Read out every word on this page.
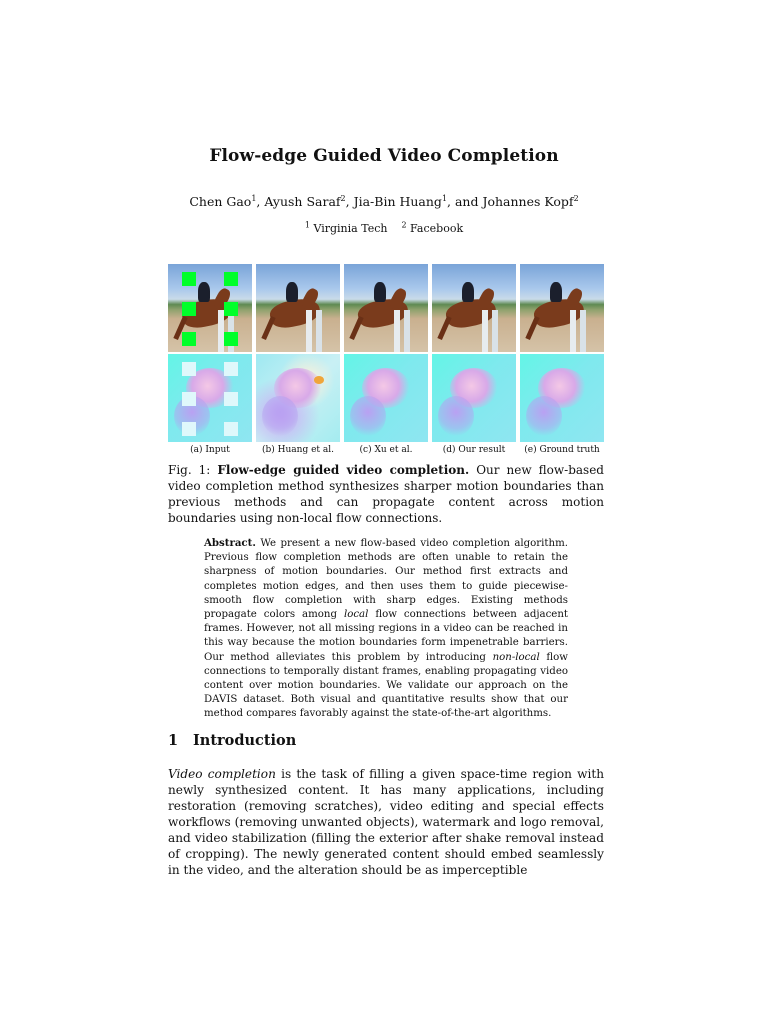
Flow-edge Guided Video Completion
Chen Gao$^1$, Ayush Saraf$^2$, Jia-Bin Huang$^1$, and Johannes Kopf$^2$
$^1$ Virginia Tech $^2$ Facebook
(a) Input	(b) Huang et al.	(c) Xu et al.	(d) Our result	(e) Ground truth
Fig. 1: Flow-edge guided video completion. Our new flow-based video completion method synthesizes sharper motion boundaries than previous methods and can propagate content across motion boundaries using non-local flow connections.
Abstract. We present a new flow-based video completion algorithm. Previous flow completion methods are often unable to retain the sharpness of motion boundaries. Our method first extracts and completes motion edges, and then uses them to guide piecewise-smooth flow completion with sharp edges. Existing methods propagate colors among local flow connections between adjacent frames. However, not all missing regions in a video can be reached in this way because the motion boundaries form impenetrable barriers. Our method alleviates this problem by introducing non-local flow connections to temporally distant frames, enabling propagating video content over motion boundaries. We validate our approach on the DAVIS dataset. Both visual and quantitative results show that our method compares favorably against the state-of-the-art algorithms.
1 Introduction
Video completion is the task of filling a given space-time region with newly synthesized content. It has many applications, including restoration (removing scratches), video editing and special effects workflows (removing unwanted objects), watermark and logo removal, and video stabilization (filling the exterior after shake removal instead of cropping). The newly generated content should embed seamlessly in the video, and the alteration should be as imperceptible
